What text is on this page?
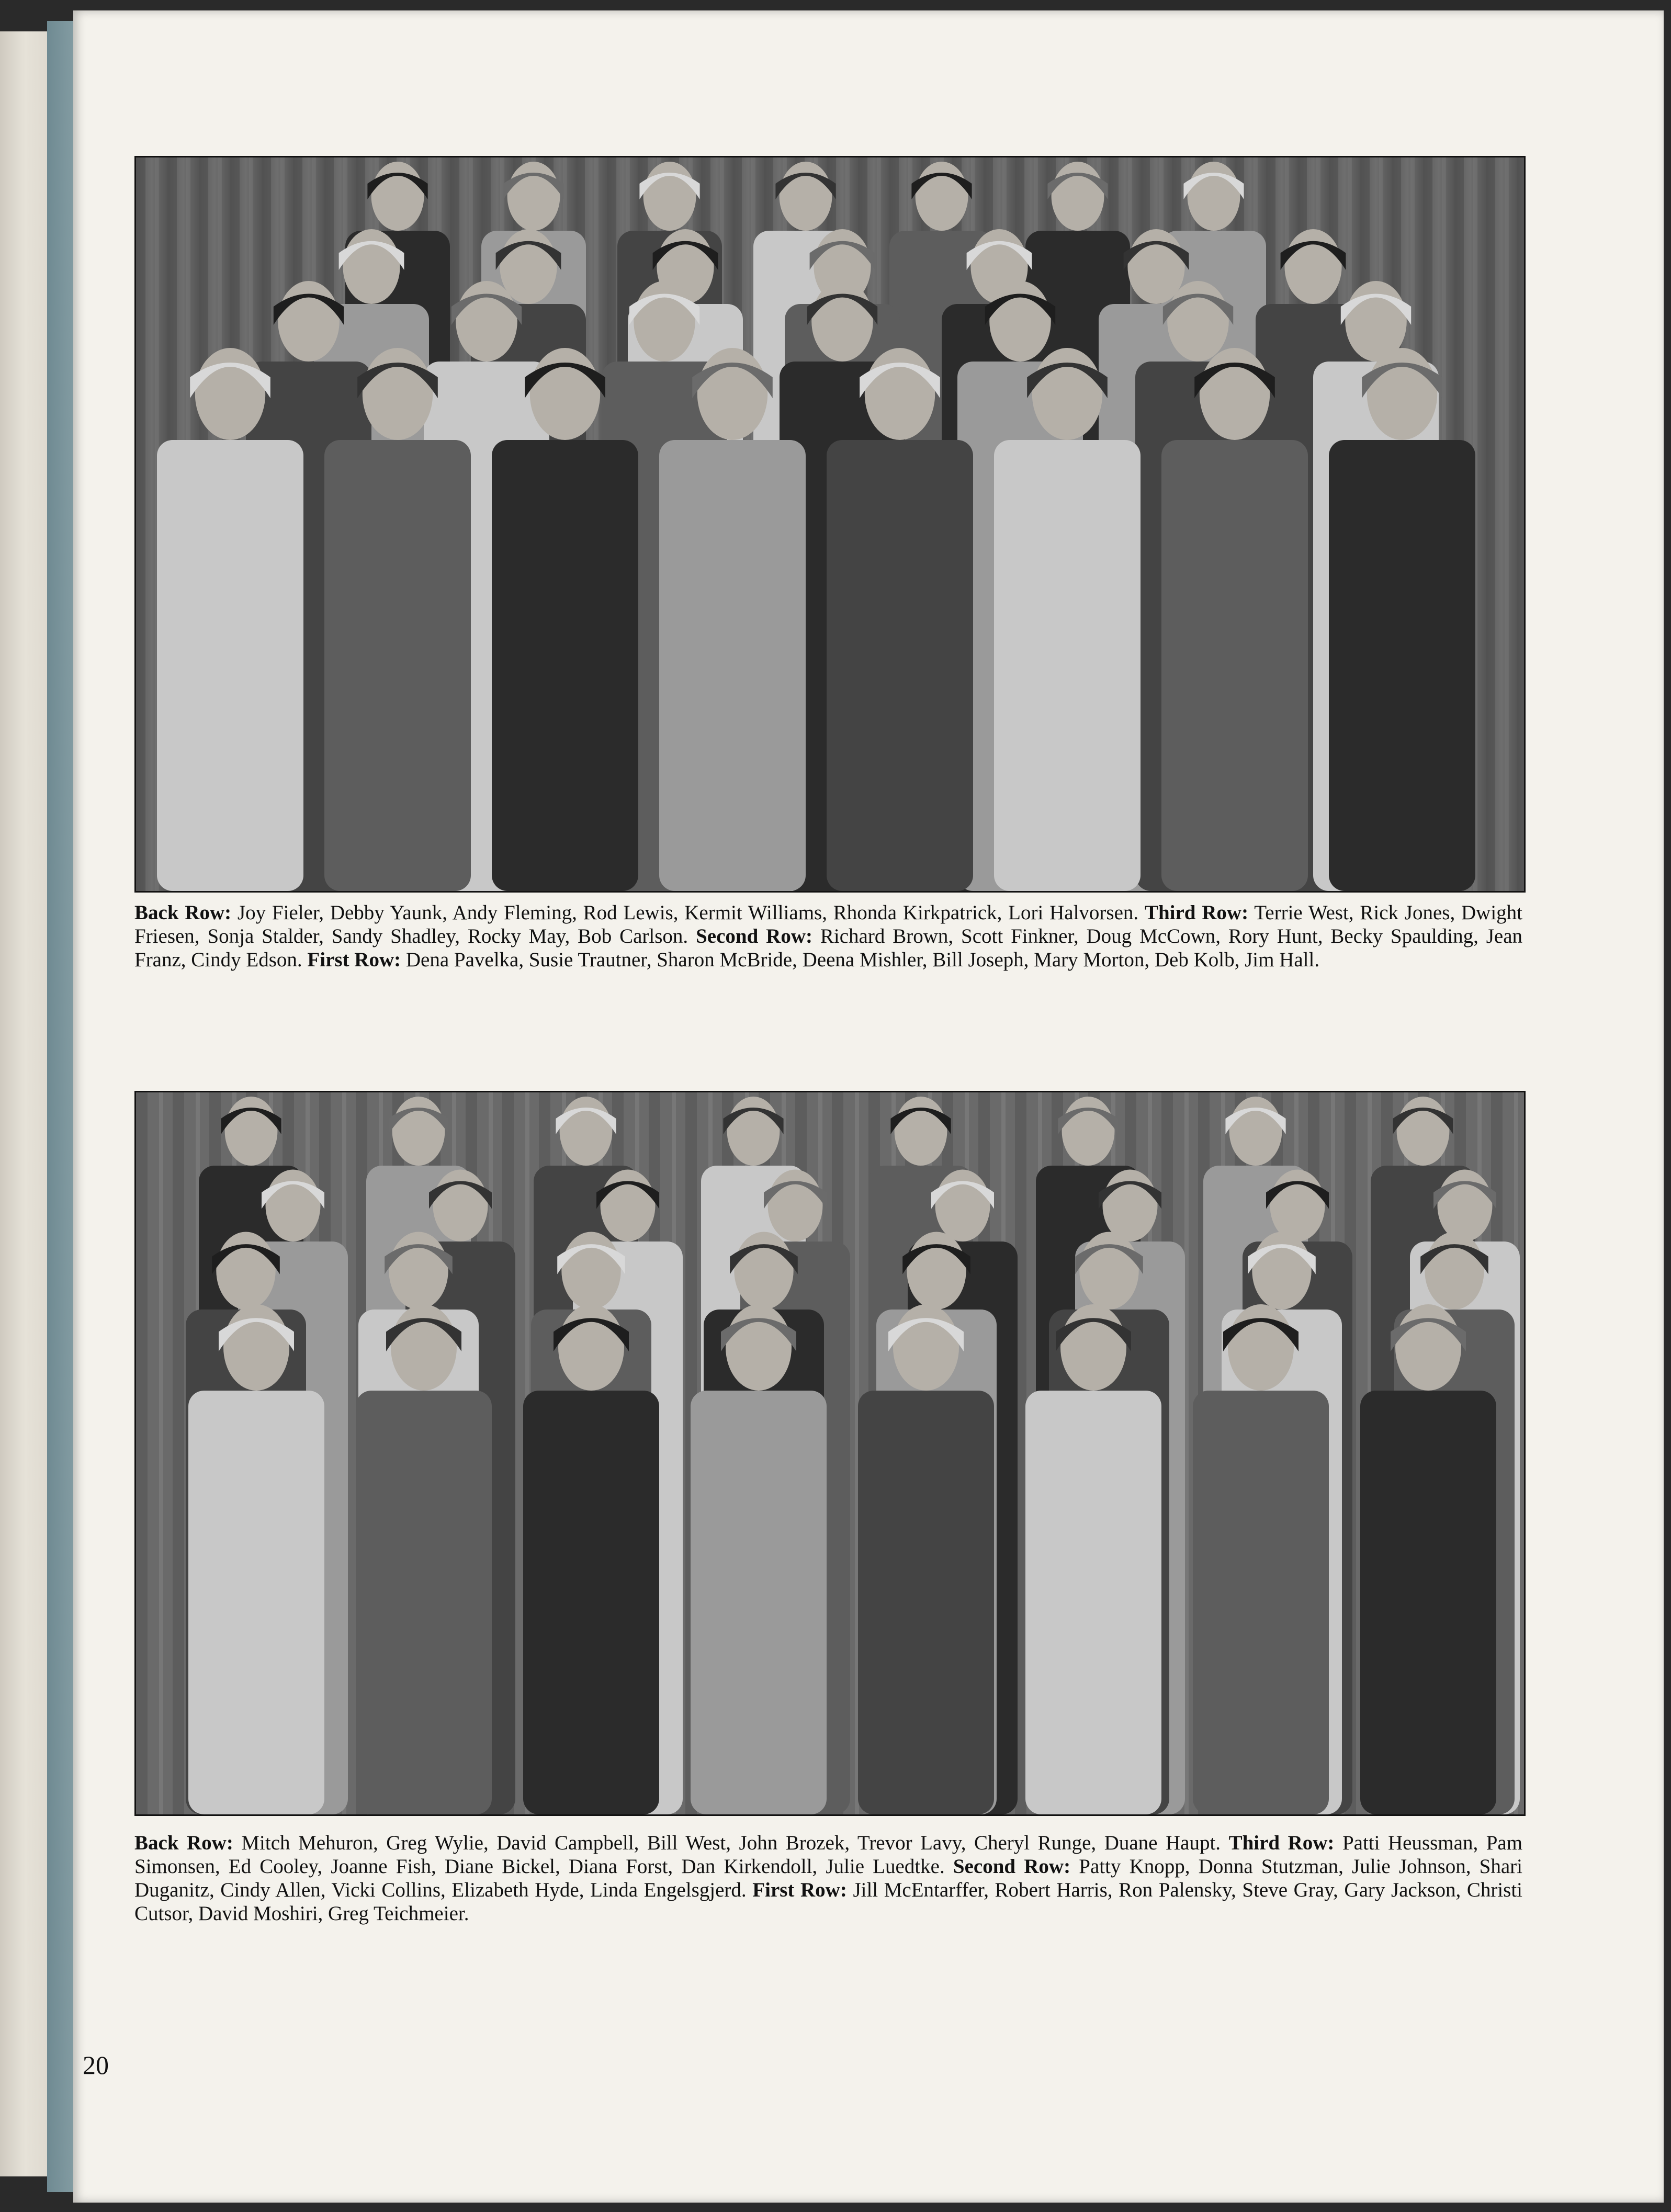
Back Row: Joy Fieler, Debby Yaunk, Andy Fleming, Rod Lewis, Kermit Williams, Rhonda Kirkpatrick, Lori Halvorsen. Third Row: Terrie West, Rick Jones, Dwight Friesen, Sonja Stalder, Sandy Shadley, Rocky May, Bob Carlson. Second Row: Richard Brown, Scott Finkner, Doug McCown, Rory Hunt, Becky Spaulding, Jean Franz, Cindy Edson. First Row: Dena Pavelka, Susie Trautner, Sharon McBride, Deena Mishler, Bill Joseph, Mary Morton, Deb Kolb, Jim Hall.
Back Row: Mitch Mehuron, Greg Wylie, David Campbell, Bill West, John Brozek, Trevor Lavy, Cheryl Runge, Duane Haupt. Third Row: Patti Heussman, Pam Simonsen, Ed Cooley, Joanne Fish, Diane Bickel, Diana Forst, Dan Kirkendoll, Julie Luedtke. Second Row: Patty Knopp, Donna Stutzman, Julie Johnson, Shari Duganitz, Cindy Allen, Vicki Collins, Elizabeth Hyde, Linda Engelsgjerd. First Row: Jill McEntarffer, Robert Harris, Ron Palensky, Steve Gray, Gary Jackson, Christi Cutsor, David Moshiri, Greg Teichmeier.
20
